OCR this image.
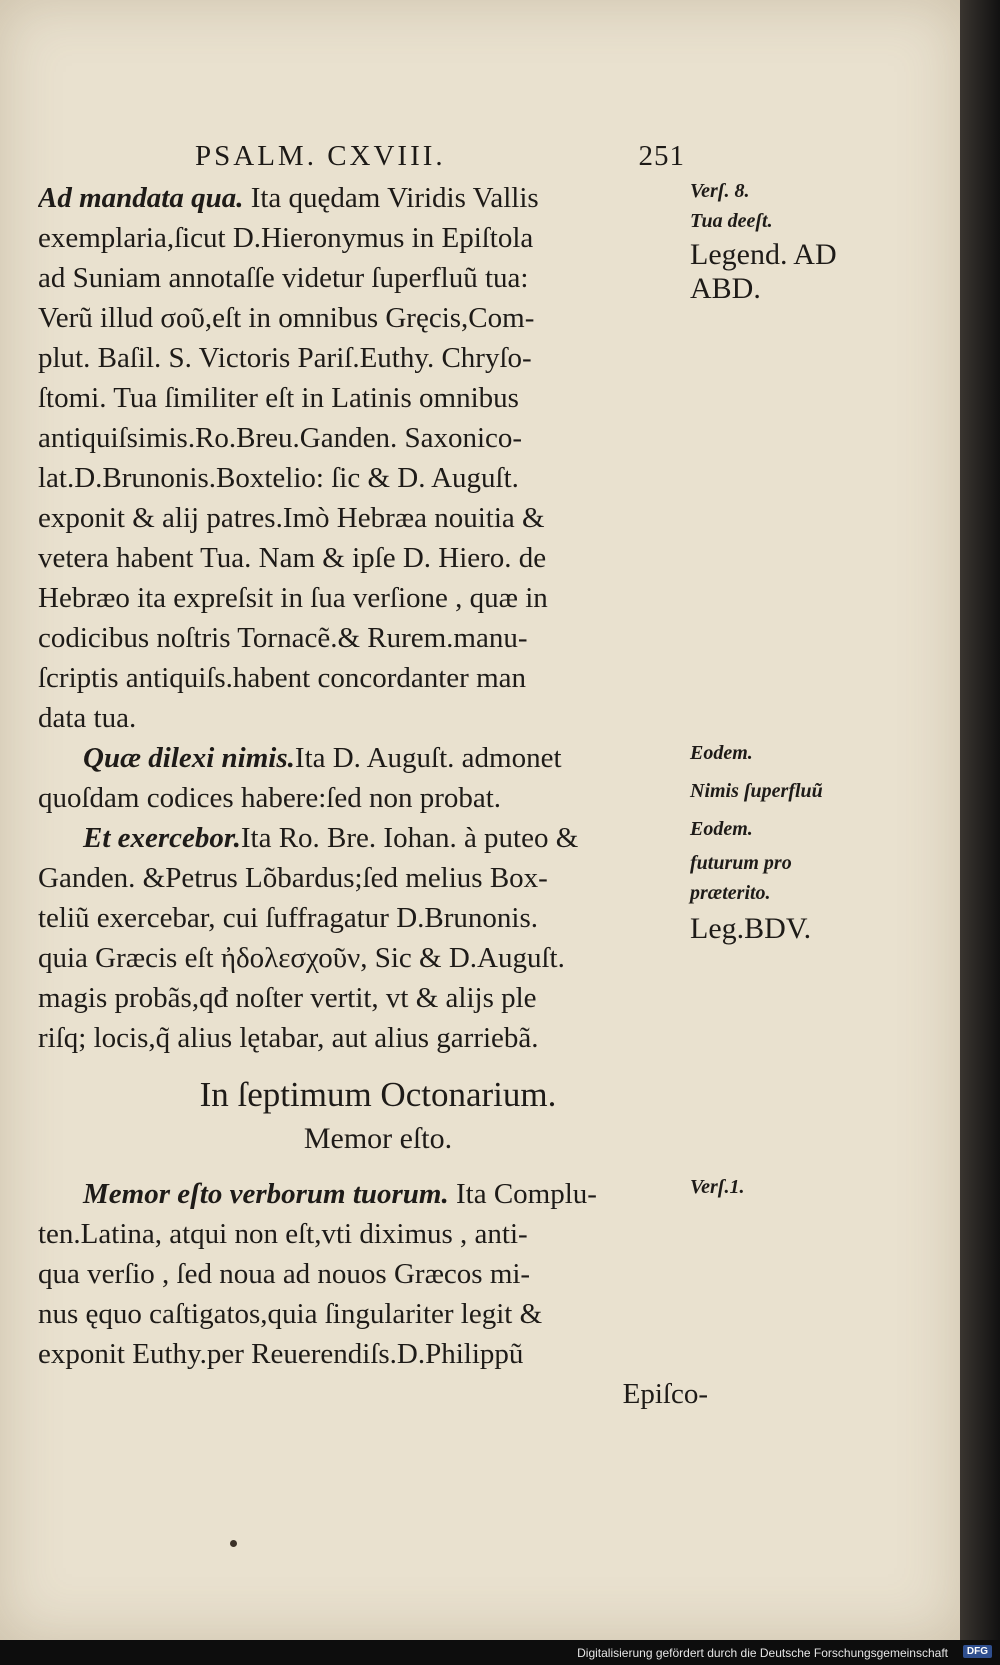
PSALM. CXVIII.	251
Ad mandata qua. Ita quędam Viridis Vallis
exemplaria,ſicut D.Hieronymus in Epiſtola
ad Suniam annotaſſe videtur ſuperfluũ tua:
Verũ illud σοῦ,eſt in omnibus Gręcis,Com-
plut. Baſil. S. Victoris Pariſ.Euthy. Chryſo-
ſtomi. Tua ſimiliter eſt in Latinis omnibus
antiquiſsimis.Ro.Breu.Ganden. Saxonico-
lat.D.Brunonis.Boxtelio: ſic & D. Auguſt.
exponit & alij patres.Imò Hebræa nouitia &
vetera habent Tua. Nam & ipſe D. Hiero. de
Hebræo ita expreſsit in ſua verſione , quæ in
codicibus noſtris Tornacẽ.& Rurem.manu-
ſcriptis antiquiſs.habent concordanter man
data tua.
Quæ dilexi nimis.Ita D. Auguſt. admonet
quoſdam codices habere:ſed non probat.
Et exercebor.Ita Ro. Bre. Iohan. à puteo &
Ganden. &Petrus Lõbardus;ſed melius Box-
teliũ exercebar, cui ſuffragatur D.Brunonis.
quia Græcis eſt ἠδολεσχοῦν, Sic & D.Auguſt.
magis probãs,qđ noſter vertit, vt & alijs ple
riſq; locis,q̃ alius lętabar, aut alius garriebã.
In ſeptimum Octonarium.
Memor eſto.
Memor eſto verborum tuorum. Ita Complu-
ten.Latina, atqui non eſt,vti diximus , anti-
qua verſio , ſed noua ad nouos Græcos mi-
nus ęquo caſtigatos,quia ſingulariter legit &
exponit Euthy.per Reuerendiſs.D.Philippũ
Epiſco-
Verſ. 8.
Tua deeſt.
Legend. AD
ABD.
Eodem.
Nimis ſuperfluũ
Eodem.
futurum pro
præterito.
Leg.BDV.
Verſ.1.
Digitalisierung gefördert durch die Deutsche Forschungsgemeinschaft	DFG
